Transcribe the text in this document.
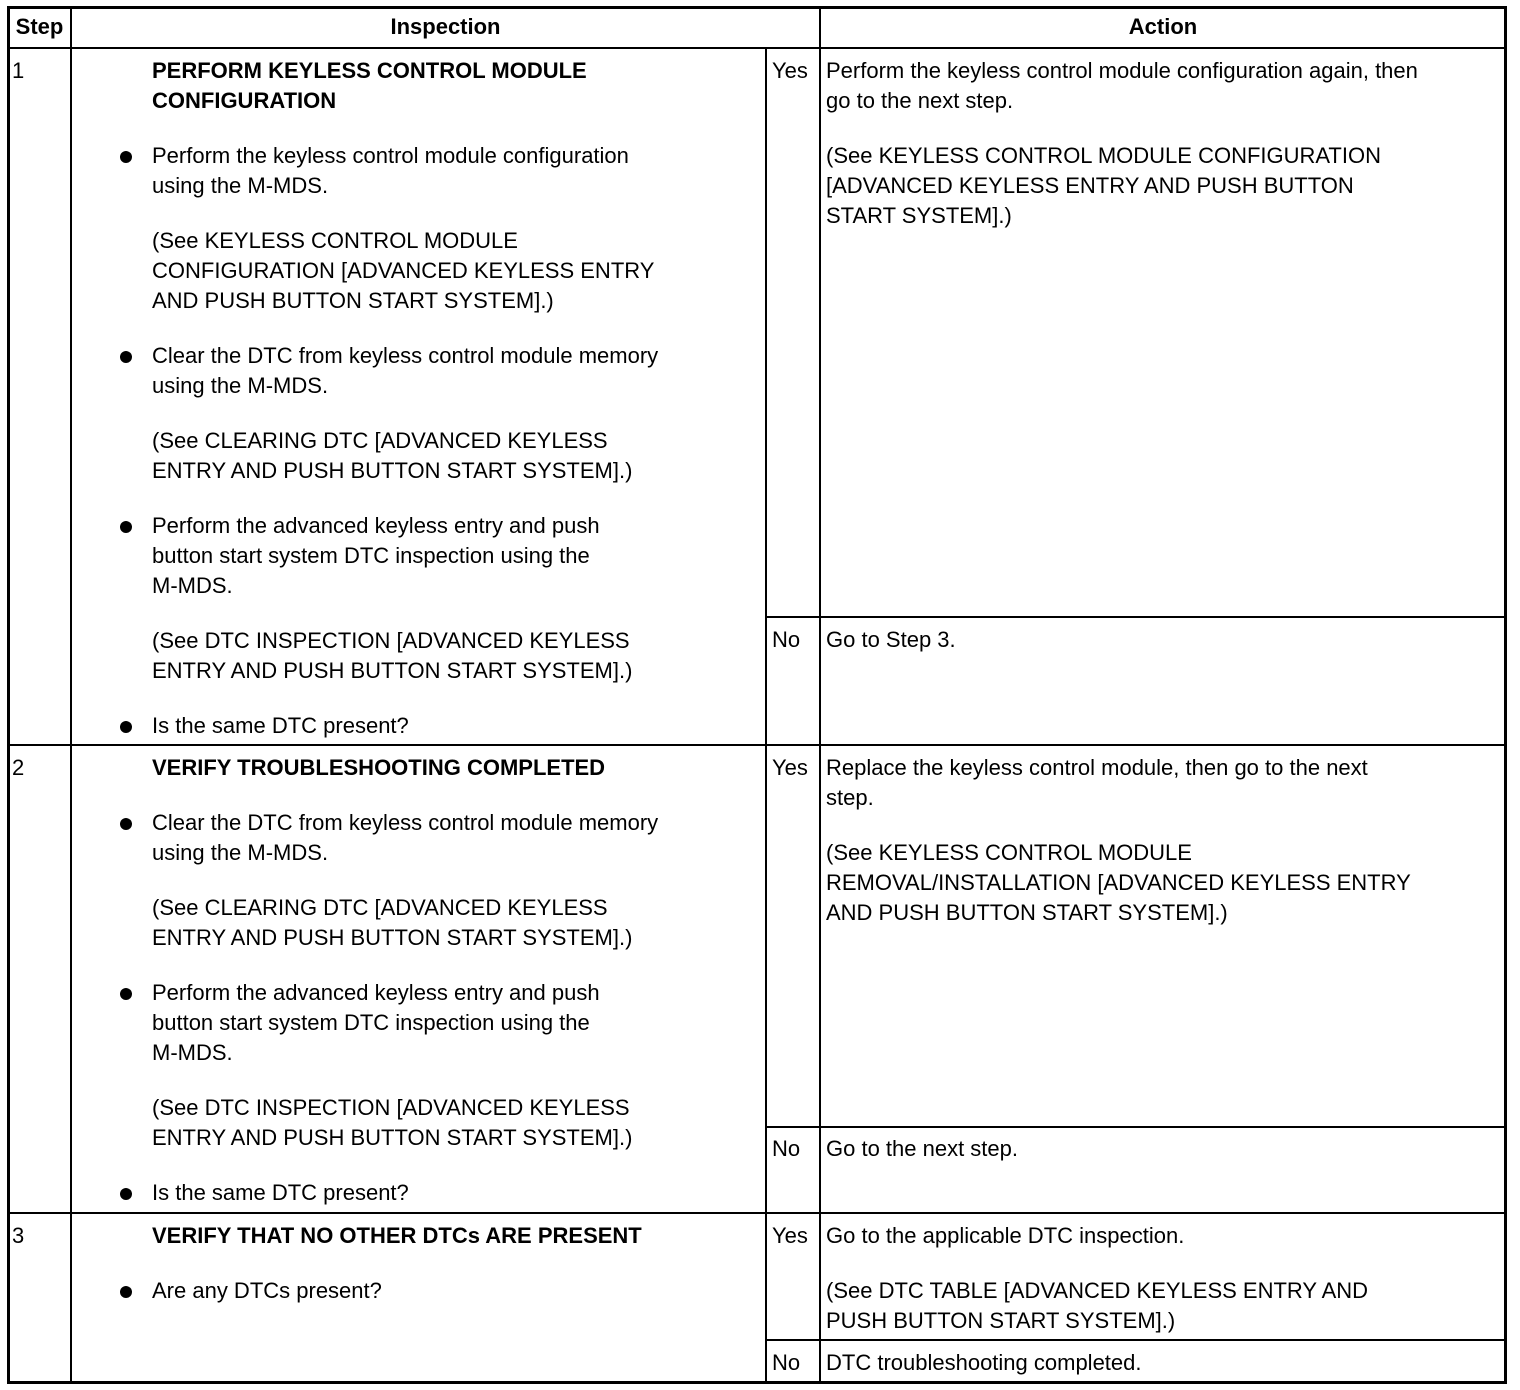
Step	Inspection	Action
1	PERFORM KEYLESS CONTROL MODULE
CONFIGURATION
Perform the keyless control module configuration
using the M-MDS.
(See KEYLESS CONTROL MODULE
CONFIGURATION [ADVANCED KEYLESS ENTRY
AND PUSH BUTTON START SYSTEM].)
Clear the DTC from keyless control module memory
using the M-MDS.
(See CLEARING DTC [ADVANCED KEYLESS
ENTRY AND PUSH BUTTON START SYSTEM].)
Perform the advanced keyless entry and push
button start system DTC inspection using the
M-MDS.
(See DTC INSPECTION [ADVANCED KEYLESS
ENTRY AND PUSH BUTTON START SYSTEM].)
Is the same DTC present?
Yes Perform the keyless control module configuration again, then
go to the next step.
(See KEYLESS CONTROL MODULE CONFIGURATION
[ADVANCED KEYLESS ENTRY AND PUSH BUTTON
START SYSTEM].)
No Go to Step 3.
2	VERIFY TROUBLESHOOTING COMPLETED
Clear the DTC from keyless control module memory
using the M-MDS.
(See CLEARING DTC [ADVANCED KEYLESS
ENTRY AND PUSH BUTTON START SYSTEM].)
Perform the advanced keyless entry and push
button start system DTC inspection using the
M-MDS.
(See DTC INSPECTION [ADVANCED KEYLESS
ENTRY AND PUSH BUTTON START SYSTEM].)
Is the same DTC present?
Yes Replace the keyless control module, then go to the next
step.
(See KEYLESS CONTROL MODULE
REMOVAL/INSTALLATION [ADVANCED KEYLESS ENTRY
AND PUSH BUTTON START SYSTEM].)
No Go to the next step.
3	VERIFY THAT NO OTHER DTCs ARE PRESENT
Are any DTCs present?
Yes Go to the applicable DTC inspection.
(See DTC TABLE [ADVANCED KEYLESS ENTRY AND
PUSH BUTTON START SYSTEM].)
No DTC troubleshooting completed.
